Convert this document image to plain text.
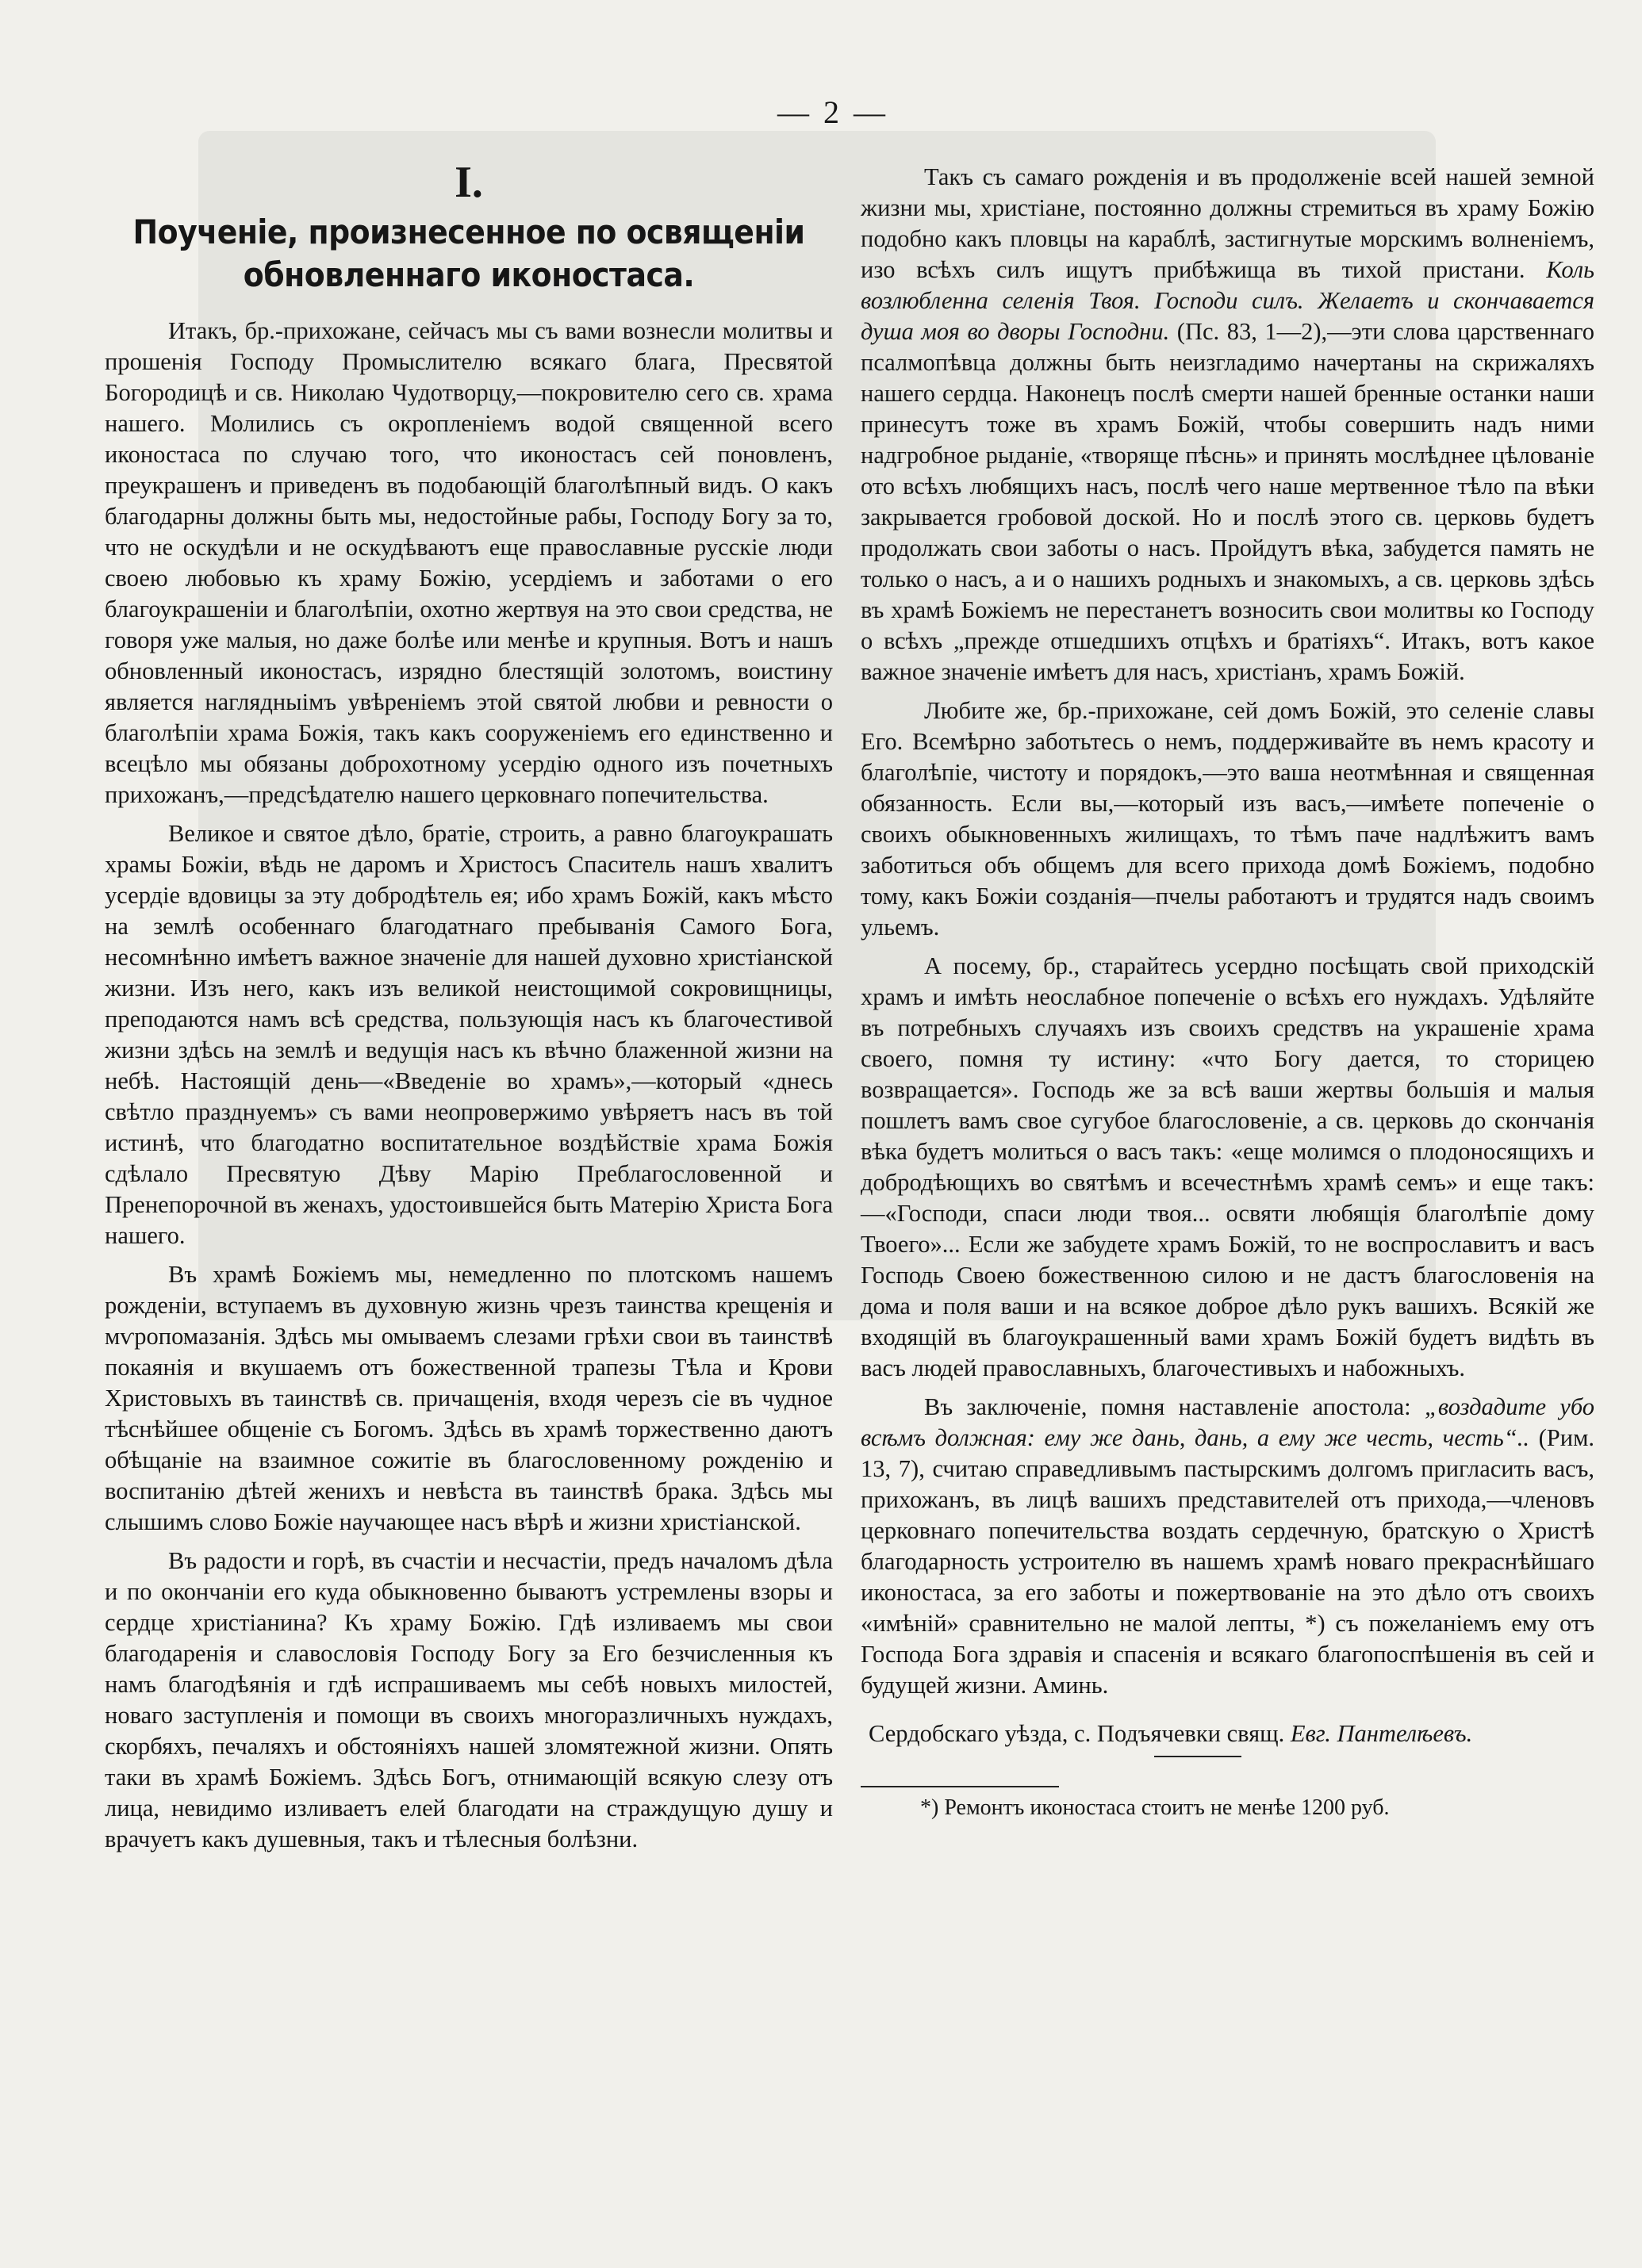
— 2 —
I.
Поученіе, произнесенное по освященіи обновленнаго иконостаса.

Итакъ, бр.-прихожане, сейчасъ мы съ вами вознесли молитвы и прошенія Господу Промыслителю всякаго блага, Пресвятой Богородицѣ и св. Николаю Чудотворцу,—покровителю сего св. храма нашего. Молились съ окропленіемъ водой священной всего иконостаса по случаю того, что иконостасъ сей поновленъ, преукрашенъ и приведенъ въ подобающій благолѣпный видъ. О какъ благодарны должны быть мы, недостойные рабы, Господу Богу за то, что не оскудѣли и не оскудѣваютъ еще православные русскіе люди своею любовью къ храму Божію, усердіемъ и заботами о его благоукрашеніи и благолѣпіи, охотно жертвуя на это свои средства, не говоря уже малыя, но даже болѣе или менѣе и крупныя. Вотъ и нашъ обновленный иконостасъ, изрядно блестящій золотомъ, воистину является наглядныімъ увѣреніемъ этой святой любви и ревности о благолѣпіи храма Божія, такъ какъ сооруженіемъ его единственно и всецѣло мы обязаны доброхотному усердію одного изъ почетныхъ прихожанъ,—предсѣдателю нашего церковнаго попечительства.

Великое и святое дѣло, братіе, строить, а равно благоукрашать храмы Божіи, вѣдь не даромъ и Христосъ Спаситель нашъ хвалитъ усердіе вдовицы за эту добродѣтель ея; ибо храмъ Божій, какъ мѣсто на землѣ особеннаго благодатнаго пребыванія Самого Бога, несомнѣнно имѣетъ важное значеніе для нашей духовно христіанской жизни. Изъ него, какъ изъ великой неистощимой сокровищницы, преподаются намъ всѣ средства, пользующія насъ къ благочестивой жизни здѣсь на землѣ и ведущія насъ къ вѣчно блаженной жизни на небѣ. Настоящій день—«Введеніе во храмъ»,—который «днесь свѣтло празднуемъ» съ вами неопровержимо увѣряетъ насъ въ той истинѣ, что благодатно воспитательное воздѣйствіе храма Божія сдѣлало Пресвятую Дѣву Марію Преблагословенной и Пренепорочной въ женахъ, удостоившейся быть Матерію Христа Бога нашего.

Въ храмѣ Божіемъ мы, немедленно по плотскомъ нашемъ рожденіи, вступаемъ въ духовную жизнь чрезъ таинства крещенія и мѵропомазанія. Здѣсь мы омываемъ слезами грѣхи свои въ таинствѣ покаянія и вкушаемъ отъ божественной трапезы Тѣла и Крови Христовыхъ въ таинствѣ св. причащенія, входя черезъ сіе въ чудное тѣснѣйшее общеніе съ Богомъ. Здѣсь въ храмѣ торжественно даютъ обѣщаніе на взаимное сожитіе въ благословенному рожденію и воспитанію дѣтей женихъ и невѣста въ таинствѣ брака. Здѣсь мы слышимъ слово Божіе научающее насъ вѣрѣ и жизни христіанской.

Въ радости и горѣ, въ счастіи и несчастіи, предъ началомъ дѣла и по окончаніи его куда обыкновенно бываютъ устремлены взоры и сердце христіанина? Къ храму Божію. Гдѣ изливаемъ мы свои благодаренія и славословія Господу Богу за Его безчисленныя къ намъ благодѣянія и гдѣ испрашиваемъ мы себѣ новыхъ милостей, новаго заступленія и помощи въ своихъ многоразличныхъ нуждахъ, скорбяхъ, печаляхъ и обстояніяхъ нашей зломятежной жизни. Опять таки въ храмѣ Божіемъ. Здѣсь Богъ, отнимающій всякую слезу отъ лица, невидимо изливаетъ елей благодати на страждущую душу и врачуетъ какъ душевныя, такъ и тѣлесныя болѣзни.

Такъ съ самаго рожденія и въ продолженіе всей нашей земной жизни мы, христіане, постоянно должны стремиться въ храму Божію подобно какъ пловцы на караблѣ, застигнутые морскимъ волненіемъ, изо всѣхъ силъ ищутъ прибѣжища въ тихой пристани. Коль возлюбленна селенія Твоя. Господи силъ. Желаетъ и скончавается душа моя во дворы Господни. (Пс. 83, 1—2),—эти слова царственнаго псалмопѣвца должны быть неизгладимо начертаны на скрижаляхъ нашего сердца. Наконецъ послѣ смерти нашей бренные останки наши принесутъ тоже въ храмъ Божій, чтобы совершить надъ ними надгробное рыданіе, «творяще пѣснь» и принять мослѣднее цѣлованіе ото всѣхъ любящихъ насъ, послѣ чего наше мертвенное тѣло па вѣки закрывается гробовой доской. Но и послѣ этого св. церковь будетъ продолжать свои заботы о насъ. Пройдутъ вѣка, забудется память не только о насъ, а и о нашихъ родныхъ и знакомыхъ, а св. церковь здѣсь въ храмѣ Божіемъ не перестанетъ возносить свои молитвы ко Господу о всѣхъ „прежде отшедшихъ отцѣхъ и братіяхъ“. Итакъ, вотъ какое важное значеніе имѣетъ для насъ, христіанъ, храмъ Божій.

Любите же, бр.-прихожане, сей домъ Божій, это селеніе славы Его. Всемѣрно заботьтесь о немъ, поддерживайте въ немъ красоту и благолѣпіе, чистоту и порядокъ,—это ваша неотмѣнная и священная обязанность. Если вы,—который изъ васъ,—имѣете попеченіе о своихъ обыкновенныхъ жилищахъ, то тѣмъ паче надлѣжитъ вамъ заботиться объ общемъ для всего прихода домѣ Божіемъ, подобно тому, какъ Божіи созданія—пчелы работаютъ и трудятся надъ своимъ ульемъ.

А посему, бр., старайтесь усердно посѣщать свой приходскій храмъ и имѣть неослабное попеченіе о всѣхъ его нуждахъ. Удѣляйте въ потребныхъ случаяхъ изъ своихъ средствъ на украшеніе храма своего, помня ту истину: «что Богу дается, то сторицею возвращается». Господь же за всѣ ваши жертвы большія и малыя пошлетъ вамъ свое сугубое благословеніе, а св. церковь до скончанія вѣка будетъ молиться о васъ такъ: «еще молимся о плодоносящихъ и добродѣющихъ во святѣмъ и всечестнѣмъ храмѣ семъ» и еще такъ:—«Господи, спаси люди твоя... освяти любящія благолѣпіе дому Твоего»... Если же забудете храмъ Божій, то не воспрославитъ и васъ Господь Своею божественною силою и не дастъ благословенія на дома и поля ваши и на всякое доброе дѣло рукъ вашихъ. Всякій же входящій въ благоукрашенный вами храмъ Божій будетъ видѣть въ васъ людей православныхъ, благочестивыхъ и набожныхъ.

Въ заключеніе, помня наставленіе апостола: „воздадите убо всѣмъ должная: ему же дань, дань, а ему же честь, честь“.. (Рим. 13, 7), считаю справедливымъ пастырскимъ долгомъ пригласить васъ, прихожанъ, въ лицѣ вашихъ представителей отъ прихода,—членовъ церковнаго попечительства воздать сердечную, братскую о Христѣ благодарность устроителю въ нашемъ храмѣ новаго прекраснѣйшаго иконостаса, за его заботы и пожертвованіе на это дѣло отъ своихъ «имѣній» сравнительно не малой лепты, *) съ пожеланіемъ ему отъ Господа Бога здравія и спасенія и всякаго благопоспѣшенія въ сей и будущей жизни. Аминь.

Сердобскаго уѣзда, с. Подъячевки свящ. Евг. Пантелѣевъ.

*) Ремонтъ иконостаса стоитъ не менѣе 1200 руб.
